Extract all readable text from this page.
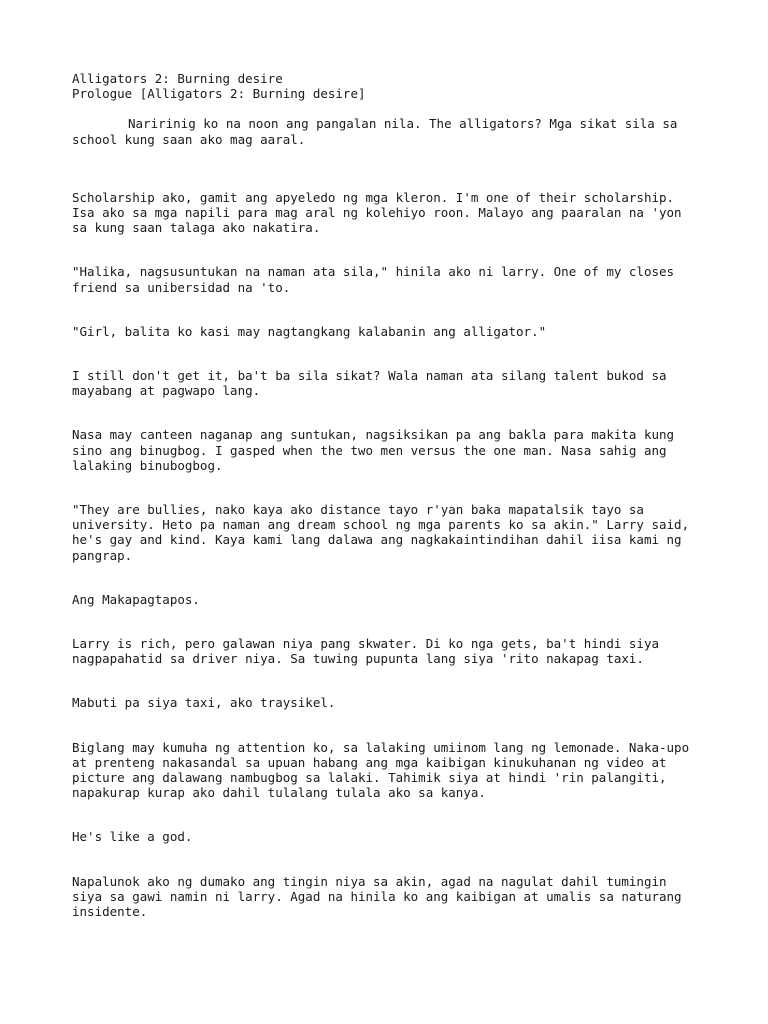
Alligators 2: Burning desire
Prologue [Alligators 2: Burning desire]

Naririnig ko na noon ang pangalan nila. The alligators? Mga sikat sila sa school kung saan ako mag aaral.

Scholarship ako, gamit ang apyeledo ng mga kleron. I'm one of their scholarship. Isa ako sa mga napili para mag aral ng kolehiyo roon. Malayo ang paaralan na 'yon sa kung saan talaga ako nakatira.

"Halika, nagsusuntukan na naman ata sila," hinila ako ni larry. One of my closes friend sa unibersidad na 'to.

"Girl, balita ko kasi may nagtangkang kalabanin ang alligator."

I still don't get it, ba't ba sila sikat? Wala naman ata silang talent bukod sa mayabang at pagwapo lang.

Nasa may canteen naganap ang suntukan, nagsiksikan pa ang bakla para makita kung sino ang binugbog. I gasped when the two men versus the one man. Nasa sahig ang lalaking binubogbog.

"They are bullies, nako kaya ako distance tayo r'yan baka mapatalsik tayo sa university. Heto pa naman ang dream school ng mga parents ko sa akin." Larry said, he's gay and kind. Kaya kami lang dalawa ang nagkakaintindihan dahil iisa kami ng pangrap.

Ang Makapagtapos.

Larry is rich, pero galawan niya pang skwater. Di ko nga gets, ba't hindi siya nagpapahatid sa driver niya. Sa tuwing pupunta lang siya 'rito nakapag taxi.

Mabuti pa siya taxi, ako traysikel.

Biglang may kumuha ng attention ko, sa lalaking umiinom lang ng lemonade. Naka-upo at prenteng nakasandal sa upuan habang ang mga kaibigan kinukuhanan ng video at picture ang dalawang nambugbog sa lalaki. Tahimik siya at hindi 'rin palangiti, napakurap kurap ako dahil tulalang tulala ako sa kanya.

He's like a god.

Napalunok ako ng dumako ang tingin niya sa akin, agad na nagulat dahil tumingin siya sa gawi namin ni larry. Agad na hinila ko ang kaibigan at umalis sa naturang insidente.
